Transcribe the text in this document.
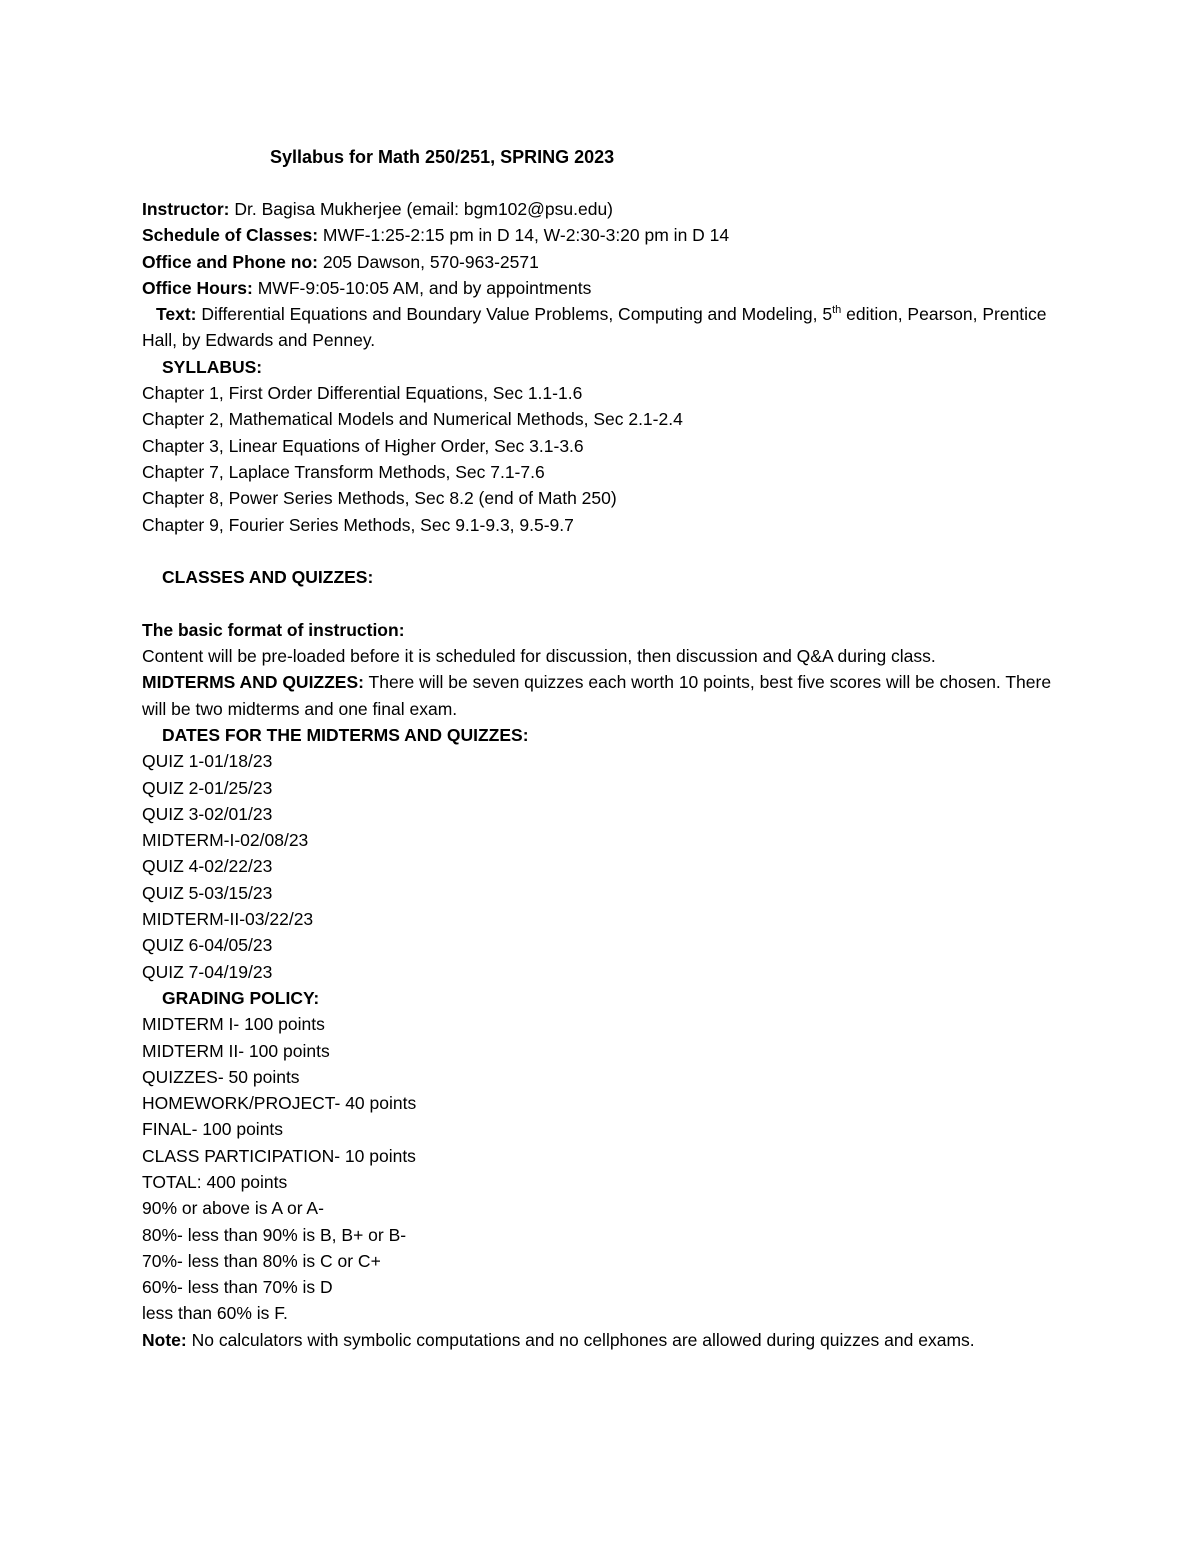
Syllabus for Math 250/251, SPRING 2023
Instructor: Dr. Bagisa Mukherjee (email: bgm102@psu.edu)
Schedule of Classes: MWF-1:25-2:15 pm in D 14, W-2:30-3:20 pm in D 14
Office and Phone no: 205 Dawson, 570-963-2571
Office Hours: MWF-9:05-10:05 AM, and by appointments
Text: Differential Equations and Boundary Value Problems, Computing and Modeling, 5th edition, Pearson, Prentice Hall, by Edwards and Penney.
SYLLABUS:
Chapter 1, First Order Differential Equations, Sec 1.1-1.6
Chapter 2, Mathematical Models and Numerical Methods, Sec 2.1-2.4
Chapter 3, Linear Equations of Higher Order, Sec 3.1-3.6
Chapter 7, Laplace Transform Methods, Sec 7.1-7.6
Chapter 8, Power Series Methods, Sec 8.2 (end of Math 250)
Chapter 9, Fourier Series Methods, Sec 9.1-9.3, 9.5-9.7
CLASSES AND QUIZZES:
The basic format of instruction:
Content will be pre-loaded before it is scheduled for discussion, then discussion and Q&A during class.
MIDTERMS AND QUIZZES: There will be seven quizzes each worth 10 points, best five scores will be chosen. There will be two midterms and one final exam.
DATES FOR THE MIDTERMS AND QUIZZES:
QUIZ 1-01/18/23
QUIZ 2-01/25/23
QUIZ 3-02/01/23
MIDTERM-I-02/08/23
QUIZ 4-02/22/23
QUIZ 5-03/15/23
MIDTERM-II-03/22/23
QUIZ 6-04/05/23
QUIZ 7-04/19/23
GRADING POLICY:
MIDTERM I- 100 points
MIDTERM II- 100 points
QUIZZES- 50 points
HOMEWORK/PROJECT- 40 points
FINAL- 100 points
CLASS PARTICIPATION- 10 points
TOTAL: 400 points
90% or above is A or A-
80%- less than 90% is B, B+ or B-
70%- less than 80% is C or C+
60%- less than 70% is D
less than 60% is F.
Note: No calculators with symbolic computations and no cellphones are allowed during quizzes and exams.
